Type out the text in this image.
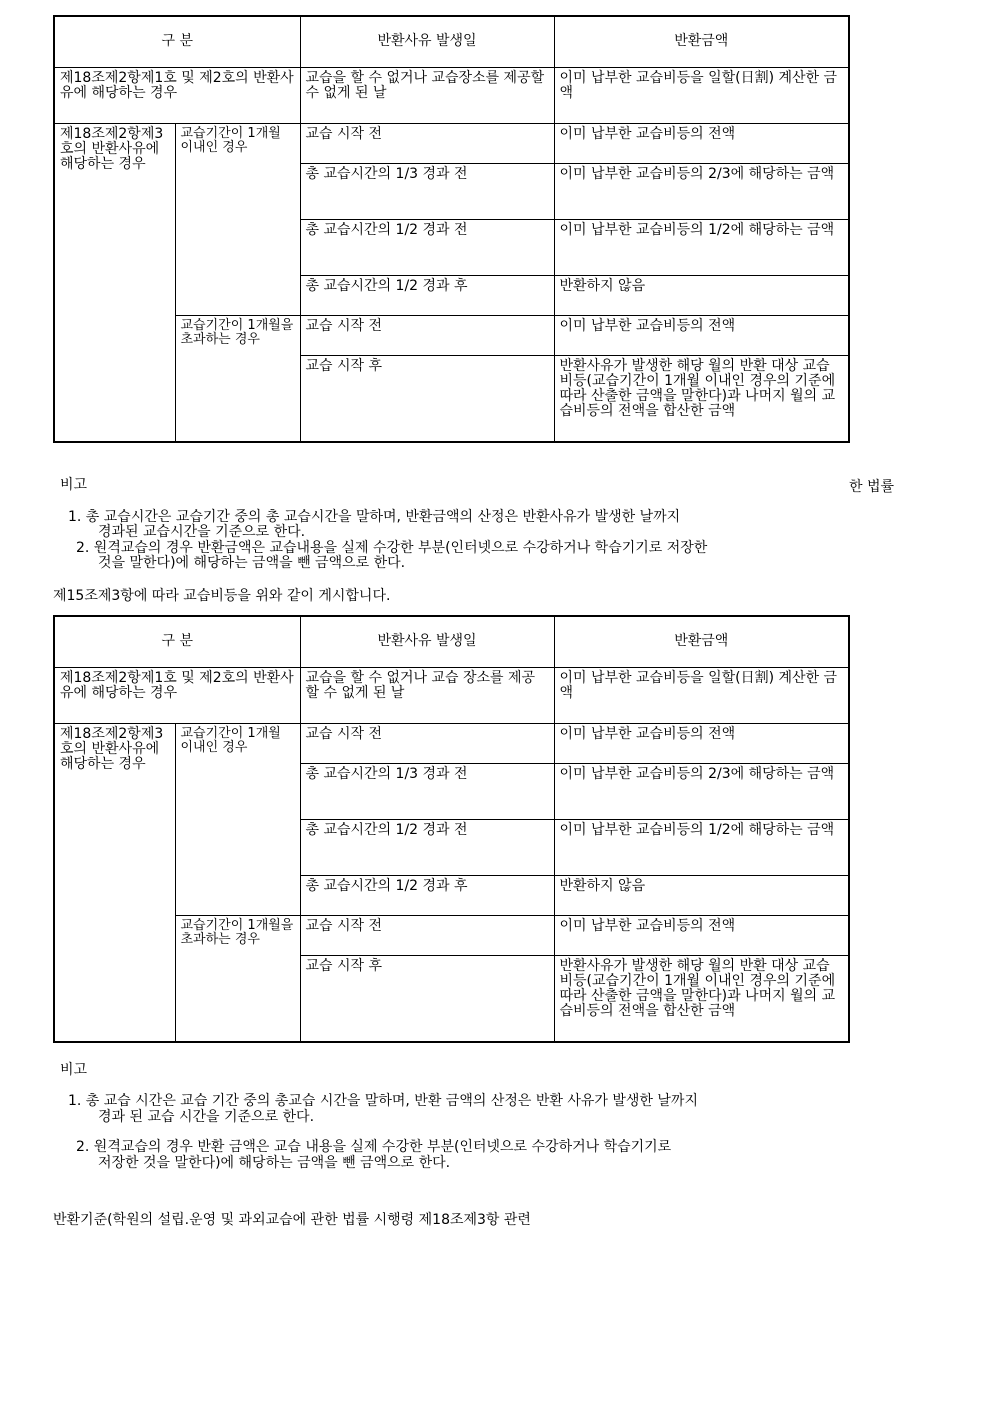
구 분		반환사유 발생일	반환금액
제18조제2항제1호 및 제2호의 반환사유에 해당하는 경우		교습을 할 수 없거나 교습장소를 제공할 수 없게 된 날	이미 납부한 교습비등을 일할(日割) 계산한 금액
제18조제2항제3호의 반환사유에 해당하는 경우	교습기간이 1개월 이내인 경우	교습 시작 전	이미 납부한 교습비등의 전액
		총 교습시간의 1/3 경과 전	이미 납부한 교습비등의 2/3에 해당하는 금액
		총 교습시간의 1/2 경과 전	이미 납부한 교습비등의 1/2에 해당하는 금액
		총 교습시간의 1/2 경과 후	반환하지 않음
	교습기간이 1개월을 초과하는 경우	교습 시작 전	이미 납부한 교습비등의 전액
		교습 시작 후	반환사유가 발생한 해당 월의 반환 대상 교습비등(교습기간이 1개월 이내인 경우의 기준에 따라 산출한 금액을 말한다)과 나머지 월의 교습비등의 전액을 합산한 금액
비고	한 법률
1. 총 교습시간은 교습기간 중의 총 교습시간을 말하며, 반환금액의 산정은 반환사유가 발생한 날까지
경과된 교습시간을 기준으로 한다.
2. 원격교습의 경우 반환금액은 교습내용을 실제 수강한 부분(인터넷으로 수강하거나 학습기기로 저장한
것을 말한다)에 해당하는 금액을 뺀 금액으로 한다.
제15조제3항에 따라 교습비등을 위와 같이 게시합니다.
구 분		반환사유 발생일	반환금액
제18조제2항제1호 및 제2호의 반환사유에 해당하는 경우		교습을 할 수 없거나 교습 장소를 제공할 수 없게 된 날	이미 납부한 교습비등을 일할(日割) 계산한 금액
제18조제2항제3호의 반환사유에 해당하는 경우	교습기간이 1개월 이내인 경우	교습 시작 전	이미 납부한 교습비등의 전액
		총 교습시간의 1/3 경과 전	이미 납부한 교습비등의 2/3에 해당하는 금액
		총 교습시간의 1/2 경과 전	이미 납부한 교습비등의 1/2에 해당하는 금액
		총 교습시간의 1/2 경과 후	반환하지 않음
	교습기간이 1개월을 초과하는 경우	교습 시작 전	이미 납부한 교습비등의 전액
		교습 시작 후	반환사유가 발생한 해당 월의 반환 대상 교습비등(교습기간이 1개월 이내인 경우의 기준에 따라 산출한 금액을 말한다)과 나머지 월의 교습비등의 전액을 합산한 금액
비고
1. 총 교습 시간은 교습 기간 중의 총교습 시간을 말하며, 반환 금액의 산정은 반환 사유가 발생한 날까지
경과 된 교습 시간을 기준으로 한다.
2. 원격교습의 경우 반환 금액은 교습 내용을 실제 수강한 부분(인터넷으로 수강하거나 학습기기로
저장한 것을 말한다)에 해당하는 금액을 뺀 금액으로 한다.
반환기준(학원의 설립.운영 및 과외교습에 관한 법률 시행령 제18조제3항 관련
